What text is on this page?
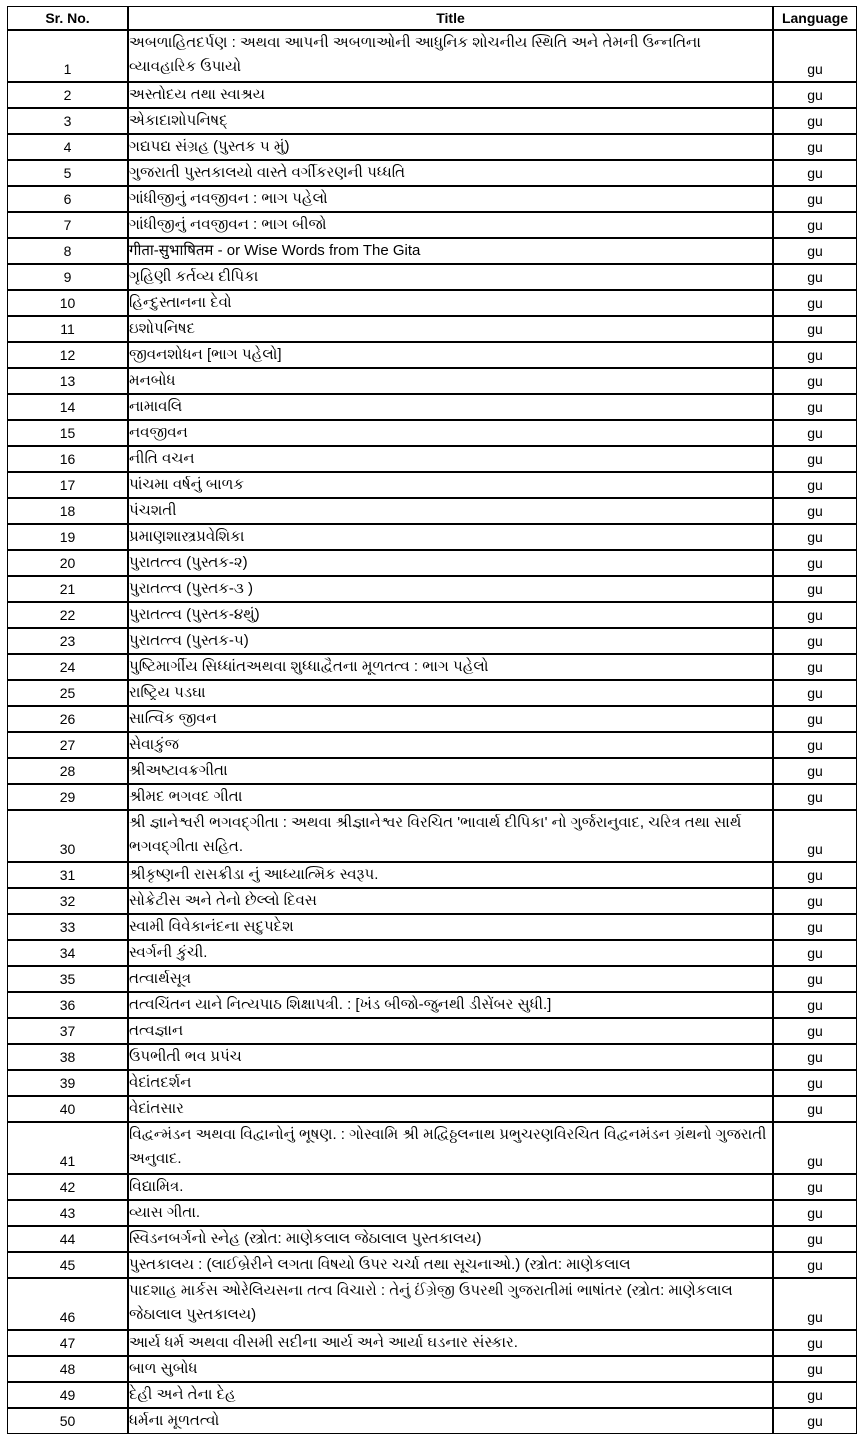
Sr. No.	Title	Language
1	અબળાહિતદર્પણ : અથવા આપની અબળાઓની આધુનિક શોચનીય સ્થિતિ અને તેમની ઉન્નતિના વ્યાવહારિક ઉપાયો	gu
2	અસ્તોદય તથા સ્વાશ્રય	gu
3	એકાદાશોપનિષદ્	gu
4	ગદ્યપદ્ય સંગ્રહ (પુસ્તક ૫ મું)	gu
5	ગુજરાતી પુસ્તકાલયો વાસ્તે વર્ગીકરણની પધ્ધતિ	gu
6	ગાંધીજીનું નવજીવન : ભાગ પહેલો	gu
7	ગાંધીજીનું નવજીવન : ભાગ બીજો	gu
8	गीता-सुभाषितम - or Wise Words from The Gita	gu
9	ગૃહિણી કર્તવ્ય દીપિકા	gu
10	હિન્દુસ્તાનના દેવો	gu
11	ઇશોપનિષદ	gu
12	જીવનશોધન [ભાગ પહેલો]	gu
13	મનબોધ	gu
14	નામાવલિ	gu
15	નવજીવન	gu
16	નીતિ વચન	gu
17	પાંચમા વર્ષનું બાળક	gu
18	પંચશતી	gu
19	પ્રમાણશાસ્ત્રપ્રવેશિકા	gu
20	પુરાતત્ત્વ (પુસ્તક-૨)	gu
21	પુરાતત્ત્વ (પુસ્તક-૩ )	gu
22	પુરાતત્ત્વ (પુસ્તક-૪થું)	gu
23	પુરાતત્ત્વ (પુસ્તક-૫)	gu
24	પુષ્ટિમાર્ગીય સિધ્ધાંતઅથવા શુધ્ધાદ્વૈતના મૂળતત્વ : ભાગ પહેલો	gu
25	રાષ્ટ્રિય પડઘા	gu
26	સાત્વિક જીવન	gu
27	સેવાકુંજ	gu
28	શ્રીઅષ્ટાવક્રગીતા	gu
29	શ્રીમદ ભગવદ ગીતા	gu
30	શ્રી જ્ઞાનેશ્વરી ભગવદ્ગીતા : અથવા શ્રીજ્ઞાનેશ્વર વિરચિત 'ભાવાર્થ દીપિકા' નો ગુર્જરાનુવાદ, ચરિત્ર તથા સાર્થ ભગવદ્ગીતા સહિત.	gu
31	શ્રીકૃષ્ણની રાસક્રીડા નું આધ્યાત્મિક સ્વરૂપ.	gu
32	સોક્રેટીસ અને તેનો છેલ્લો દિવસ	gu
33	સ્વામી વિવેકાનંદના સદુપદેશ	gu
34	સ્વર્ગની કુંચી.	gu
35	તત્વાર્થસૂત્ર	gu
36	તત્વચિંતન યાને નિત્યપાઠ શિક્ષાપત્રી. : [ખંડ બીજો-જુનથી ડીસેંબર સુધી.]	gu
37	તત્વજ્ઞાન	gu
38	ઉપભીતી ભવ પ્રપંચ	gu
39	વેદાંતદર્શન	gu
40	વેદાંતસાર	gu
41	વિદ્વન્મંડન અથવા વિદ્વાનોનું ભૂષણ. : ગોસ્વામિ શ્રી મદ્વિઠ્ઠલનાથ પ્રભુચરણવિરચિત વિદ્વનમંડન ગ્રંથનો ગુજરાતી અનુવાદ.	gu
42	વિદ્યામિત્ર.	gu
43	વ્યાસ ગીતા.	gu
44	સ્વિડનબર્ગનો સ્નેહ (સ્ત્રોત: માણેકલાલ જેઠાલાલ પુસ્તકાલય)	gu
45	પુસ્તકાલય : (લાઈબ્રેરીને લગતા વિષયો ઉપર ચર્ચા તથા સૂચનાઓ.) (સ્ત્રોત: માણેકલાલ	gu
46	પાદશાહ માર્કસ ઓરેલિયસના તત્વ વિચારો : તેનું ઈંગ્રેજી ઉપરથી ગુજરાતીમાં ભાષાંતર (સ્ત્રોત: માણેકલાલ જેઠાલાલ પુસ્તકાલય)	gu
47	આર્ય ધર્મ અથવા વીસમી સદીના આર્ય અને આર્યા ઘડનાર સંસ્કાર.	gu
48	બાળ સુબોધ	gu
49	દેહી અને તેના દેહ	gu
50	ધર્મના મૂળતત્વો	gu
